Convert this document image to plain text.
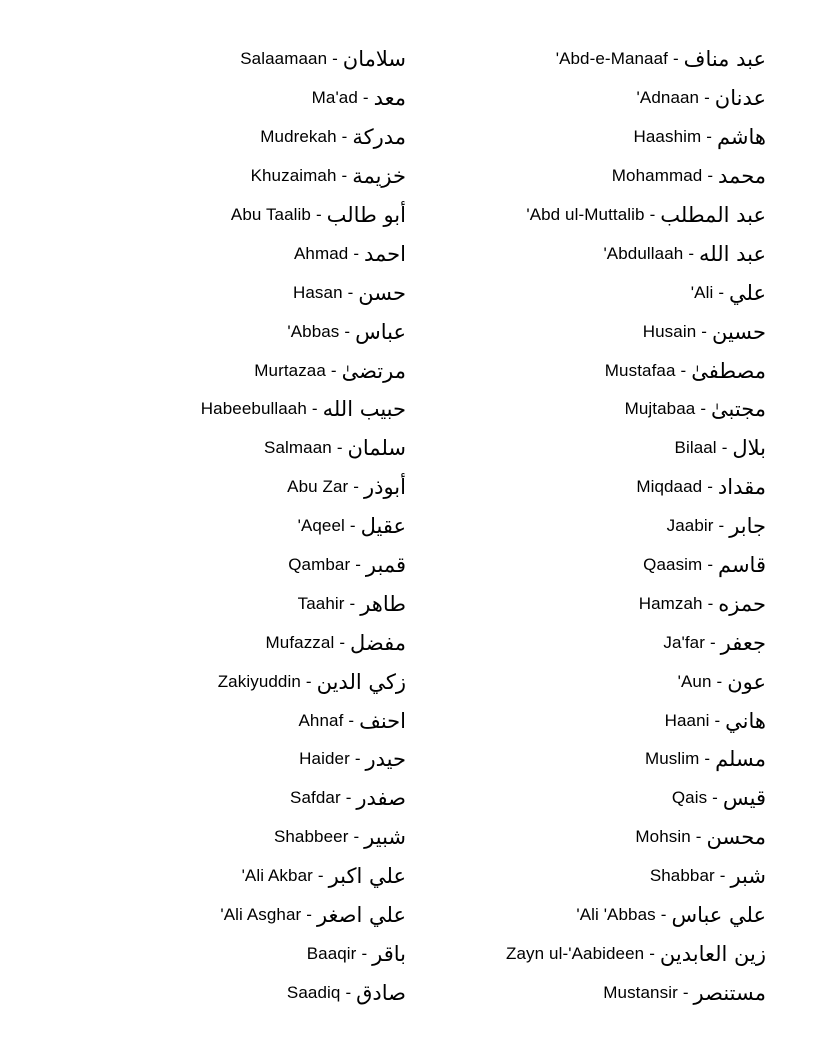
Salaamaan - سلامان	'Abd-e-Manaaf - عبد مناف
Ma'ad - معد	'Adnaan - عدنان
Mudrekah - مدركة	Haashim - هاشم
Khuzaimah - خزيمة	Mohammad - محمد
Abu Taalib - أبو طالب	'Abd ul-Muttalib - عبد المطلب
Ahmad - احمد	'Abdullaah - عبد الله
Hasan - حسن	'Ali - علي
'Abbas - عباس	Husain - حسين
Murtazaa - مرتضىٰ	Mustafaa - مصطفىٰ
Habeebullaah - حبيب الله	Mujtabaa - مجتبىٰ
Salmaan - سلمان	Bilaal - بلال
Abu Zar - أبوذر	Miqdaad - مقداد
'Aqeel - عقيل	Jaabir - جابر
Qambar - قمبر	Qaasim - قاسم
Taahir - طاهر	Hamzah - حمزه
Mufazzal - مفضل	Ja'far - جعفر
Zakiyuddin - زكي الدين	'Aun - عون
Ahnaf - احنف	Haani - هاني
Haider - حيدر	Muslim - مسلم
Safdar - صفدر	Qais - قيس
Shabbeer - شبير	Mohsin - محسن
'Ali Akbar - علي اكبر	Shabbar - شبر
'Ali Asghar - علي اصغر	'Ali 'Abbas - علي عباس
Baaqir - باقر	Zayn ul-'Aabideen - زين العابدين
Saadiq - صادق	Mustansir - مستنصر
